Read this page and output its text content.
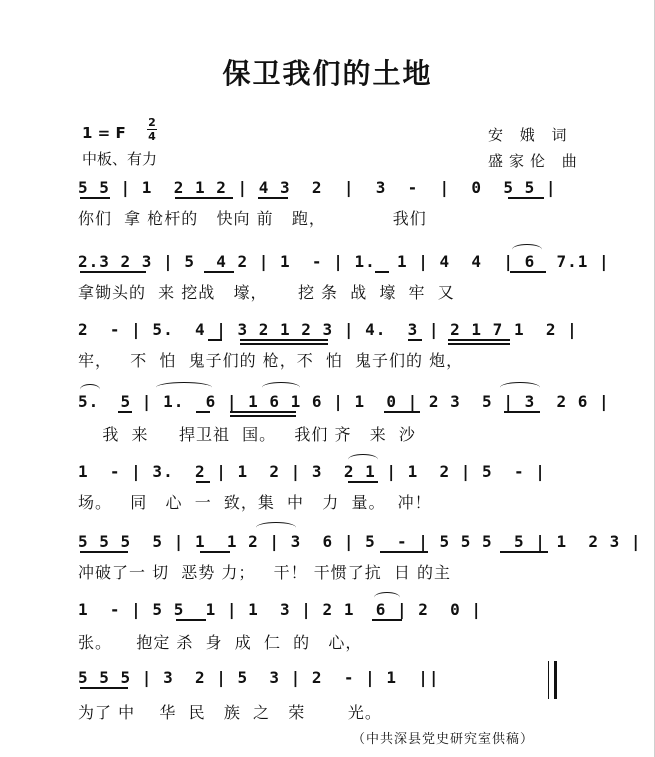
保卫我们的土地
1 = F
2
4
中板、有力
安 娥 词
盛家伦 曲
5 5 | 1  2 1 2 | 4 3  2  |  3  -  |  0  5 5 |
你们  拿 枪杆的   快向 前   跑，           我们
2.3 2 3 | 5  4 2 | 1  - | 1.  1 | 4  4  | 6  7.1 |
拿锄头的  来 挖战   壕，     挖 条  战  壕  牢  又
2  - | 5.  4 | 3 2 1 2 3 | 4.  3 | 2 1 7 1  2 |
牢，   不  怕  鬼子们的 枪，不  怕  鬼子们的 炮，
5.  5 | 1.  6 | 1 6 1 6 | 1  0 | 2 3  5 | 3  2 6 |
我  来     捍卫祖  国。   我们 齐   来  沙
1  - | 3.  2 | 1  2 | 3  2 1 | 1  2 | 5  - |
场。   同   心  一  致，集  中   力  量。  冲！
5 5 5  5 | 1  1 2 | 3  6 | 5  - | 5 5 5  5 | 1  2 3 |
冲破了一 切  恶势 力；   干！ 干惯了抗  日 的主
1  - | 5 5  1 | 1  3 | 2 1  6 | 2  0 |
张。    抱定 杀  身  成  仁  的   心，
5 5 5 | 3  2 | 5  3 | 2  - | 1  ||
为了 中    华  民   族  之   荣       光。
（中共深县党史研究室供稿）
